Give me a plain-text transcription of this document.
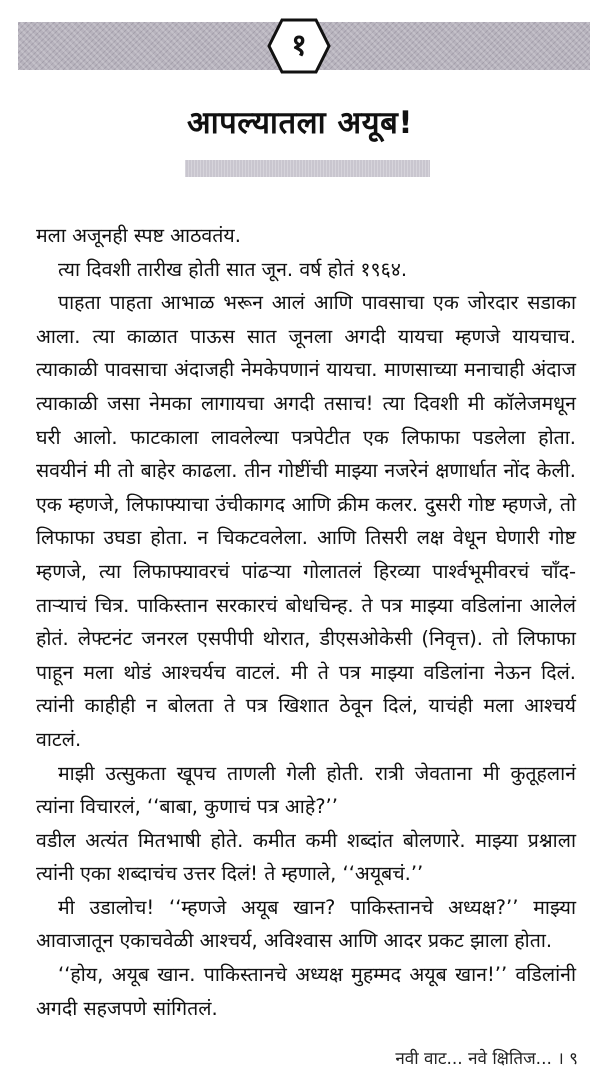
१
आपल्यातला अयूब!

मला अजूनही स्पष्ट आठवतंय.

त्या दिवशी तारीख होती सात जून. वर्ष होतं १९६४.

पाहता पाहता आभाळ भरून आलं आणि पावसाचा एक जोरदार सडाका आला. त्या काळात पाऊस सात जूनला अगदी यायचा म्हणजे यायचाच. त्याकाळी पावसाचा अंदाजही नेमकेपणानं यायचा. माणसाच्या मनाचाही अंदाज त्याकाळी जसा नेमका लागायचा अगदी तसाच! त्या दिवशी मी कॉलेजमधून घरी आलो. फाटकाला लावलेल्या पत्रपेटीत एक लिफाफा पडलेला होता. सवयीनं मी तो बाहेर काढला. तीन गोष्टींची माझ्या नजरेनं क्षणार्धात नोंद केली. एक म्हणजे, लिफाफ्याचा उंचीकागद आणि क्रीम कलर. दुसरी गोष्ट म्हणजे, तो लिफाफा उघडा होता. न चिकटवलेला. आणि तिसरी लक्ष वेधून घेणारी गोष्ट म्हणजे, त्या लिफाफ्यावरचं पांढऱ्या गोलातलं हिरव्या पार्श्वभूमीवरचं चाँद-ताऱ्याचं चित्र. पाकिस्तान सरकारचं बोधचिन्ह. ते पत्र माझ्या वडिलांना आलेलं होतं. लेफ्टनंट जनरल एसपीपी थोरात, डीएसओकेसी (निवृत्त). तो लिफाफा पाहून मला थोडं आश्चर्यच वाटलं. मी ते पत्र माझ्या वडिलांना नेऊन दिलं. त्यांनी काहीही न बोलता ते पत्र खिशात ठेवून दिलं, याचंही मला आश्चर्य वाटलं.

माझी उत्सुकता खूपच ताणली गेली होती. रात्री जेवताना मी कुतूहलानं त्यांना विचारलं, ‘‘बाबा, कुणाचं पत्र आहे?’’

वडील अत्यंत मितभाषी होते. कमीत कमी शब्दांत बोलणारे. माझ्या प्रश्नाला त्यांनी एका शब्दाचंच उत्तर दिलं! ते म्हणाले, ‘‘अयूबचं.’’

मी उडालोच! ‘‘म्हणजे अयूब खान? पाकिस्तानचे अध्यक्ष?’’ माझ्या आवाजातून एकाचवेळी आश्चर्य, अविश्वास आणि आदर प्रकट झाला होता.

‘‘होय, अयूब खान. पाकिस्तानचे अध्यक्ष मुहम्मद अयूब खान!’’ वडिलांनी अगदी सहजपणे सांगितलं.

नवी वाट... नवे क्षितिज... । ९
